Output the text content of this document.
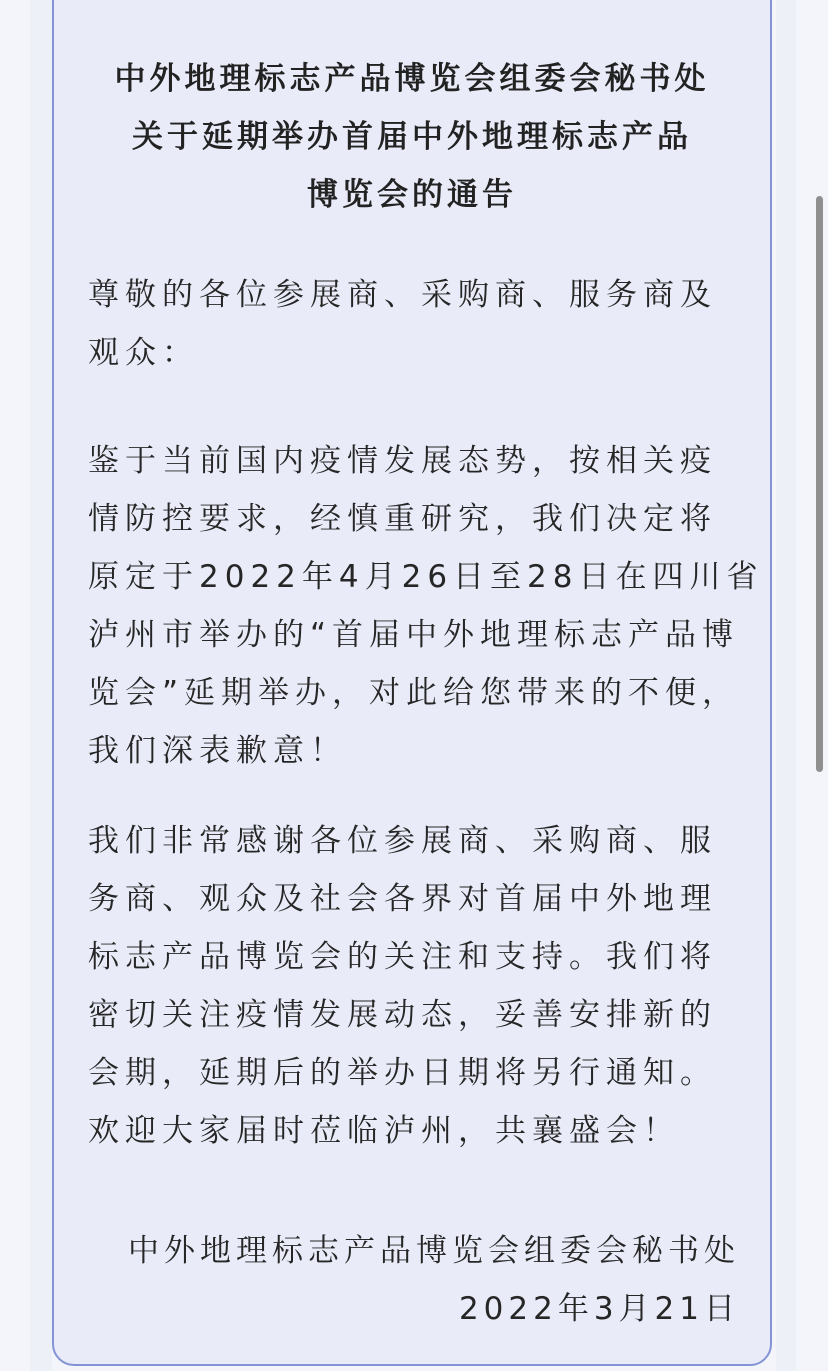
中外地理标志产品博览会组委会秘书处
关于延期举办首届中外地理标志产品
博览会的通告
尊敬的各位参展商、采购商、服务商及
观众：
鉴于当前国内疫情发展态势，按相关疫
情防控要求，经慎重研究，我们决定将
原定于2022年4月26日至28日在四川省
泸州市举办的“首届中外地理标志产品博
览会”延期举办，对此给您带来的不便，
我们深表歉意！
我们非常感谢各位参展商、采购商、服
务商、观众及社会各界对首届中外地理
标志产品博览会的关注和支持。我们将
密切关注疫情发展动态，妥善安排新的
会期，延期后的举办日期将另行通知。
欢迎大家届时莅临泸州，共襄盛会！
中外地理标志产品博览会组委会秘书处
2022年3月21日
